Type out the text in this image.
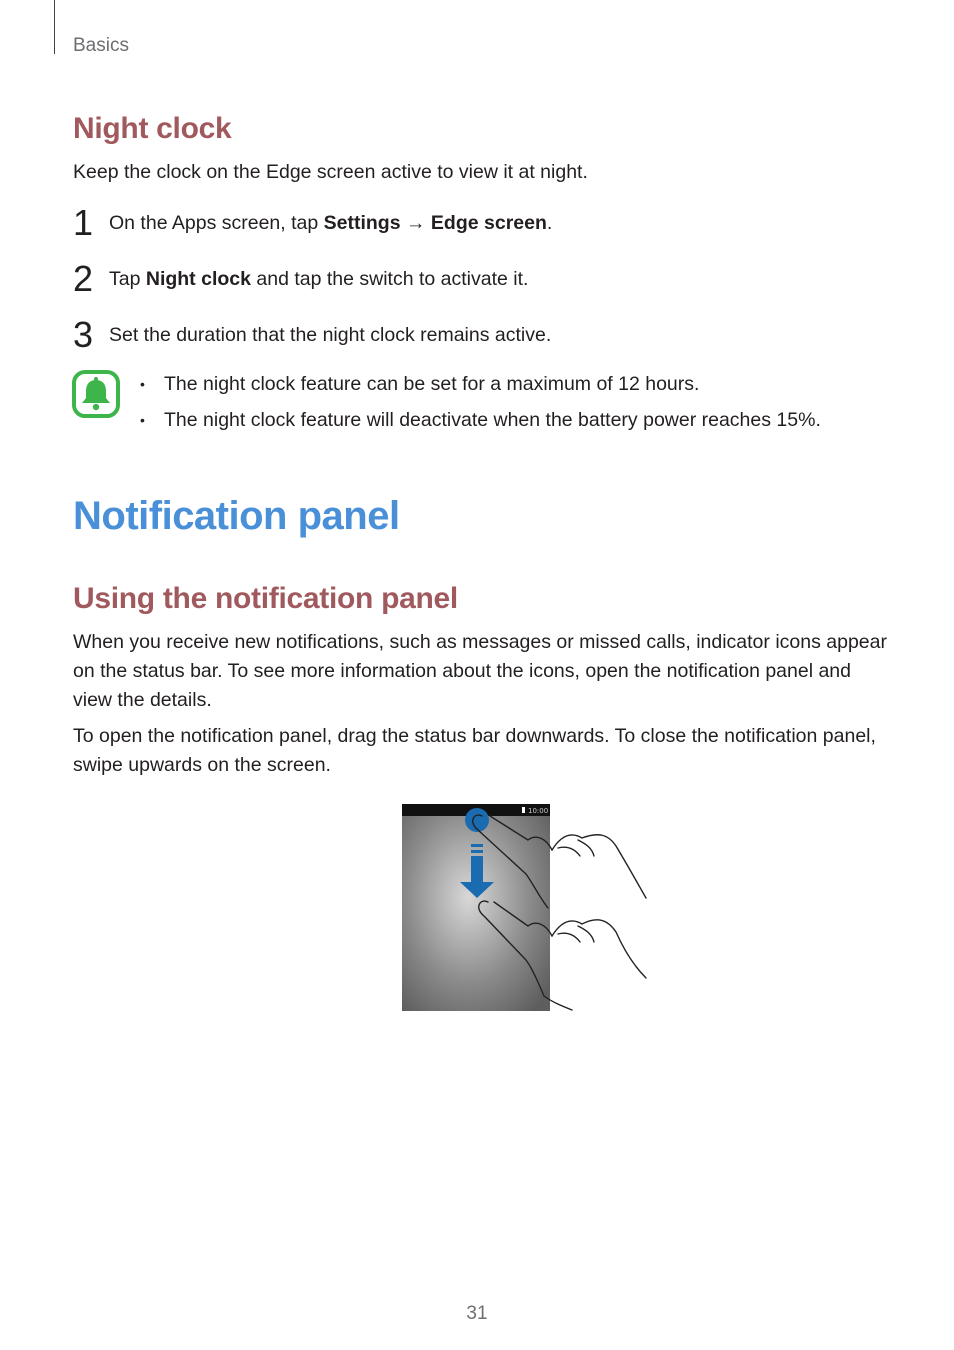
Basics
Night clock

Keep the clock on the Edge screen active to view it at night.

1 On the Apps screen, tap Settings → Edge screen.
2 Tap Night clock and tap the switch to activate it.
3 Set the duration that the night clock remains active.
• The night clock feature can be set for a maximum of 12 hours.
• The night clock feature will deactivate when the battery power reaches 15%.
Notification panel
Using the notification panel

When you receive new notifications, such as messages or missed calls, indicator icons appear on the status bar. To see more information about the icons, open the notification panel and view the details.

To open the notification panel, drag the status bar downwards. To close the notification panel, swipe upwards on the screen.

10:00
31
